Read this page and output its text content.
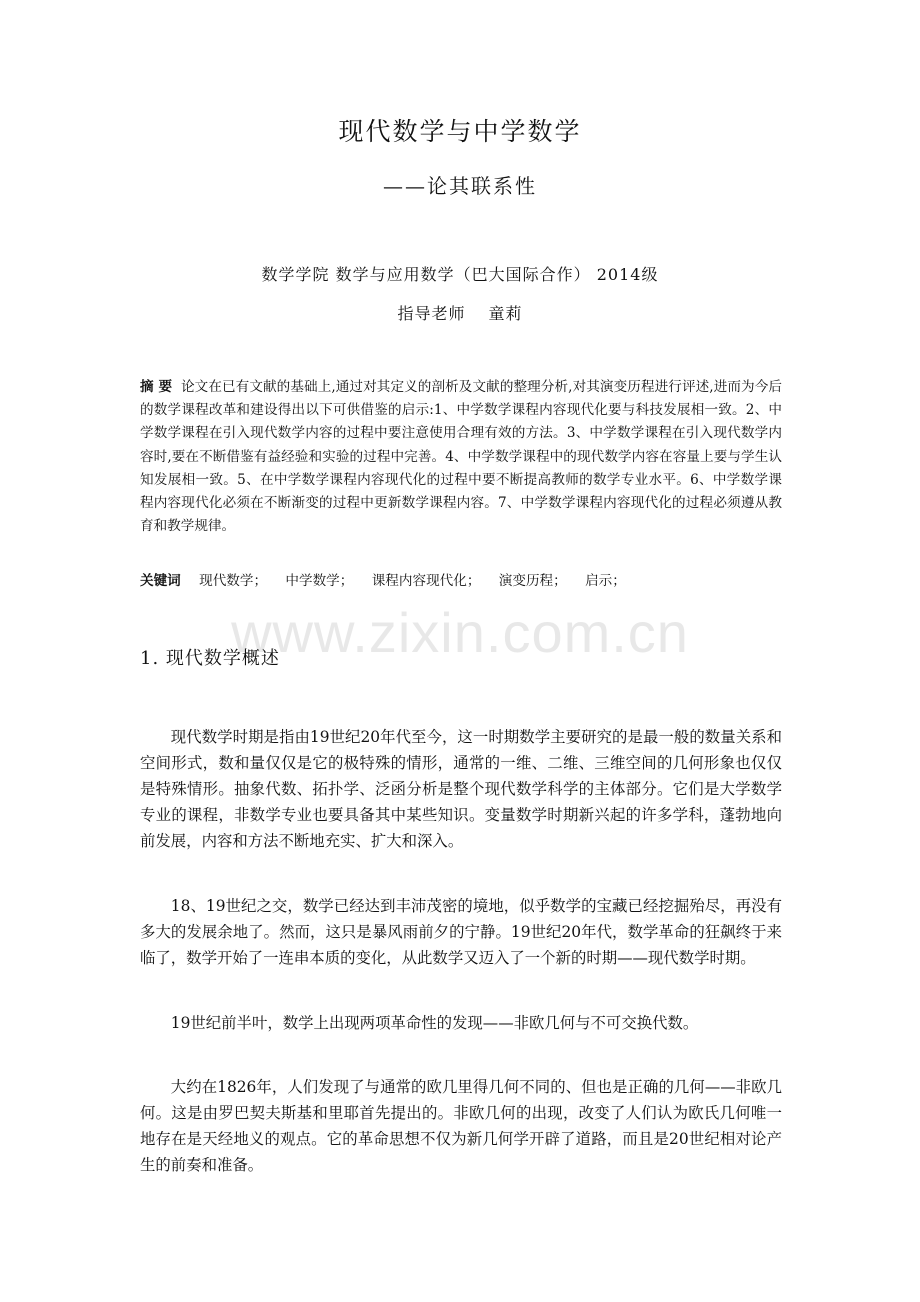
现代数学与中学数学
——论其联系性
数学学院 数学与应用数学（巴大国际合作） 2014级
指导老师　 童莉
摘 要 论文在已有文献的基础上,通过对其定义的剖析及文献的整理分析,对其演变历程进行评述,进而为今后的数学课程改革和建设得出以下可供借鉴的启示:1、中学数学课程内容现代化要与科技发展相一致。2、中学数学课程在引入现代数学内容的过程中要注意使用合理有效的方法。3、中学数学课程在引入现代数学内容时,要在不断借鉴有益经验和实验的过程中完善。4、中学数学课程中的现代数学内容在容量上要与学生认知发展相一致。5、在中学数学课程内容现代化的过程中要不断提高教师的数学专业水平。6、中学数学课程内容现代化必须在不断渐变的过程中更新数学课程内容。7、中学数学课程内容现代化的过程必须遵从教育和教学规律。
关键词 现代数学； 中学数学； 课程内容现代化； 演变历程； 启示；
www.zixin.com.cn
1. 现代数学概述

现代数学时期是指由19世纪20年代至今，这一时期数学主要研究的是最一般的数量关系和空间形式，数和量仅仅是它的极特殊的情形，通常的一维、二维、三维空间的几何形象也仅仅是特殊情形。抽象代数、拓扑学、泛函分析是整个现代数学科学的主体部分。它们是大学数学专业的课程，非数学专业也要具备其中某些知识。变量数学时期新兴起的许多学科，蓬勃地向前发展，内容和方法不断地充实、扩大和深入。

18、19世纪之交，数学已经达到丰沛茂密的境地，似乎数学的宝藏已经挖掘殆尽，再没有多大的发展余地了。然而，这只是暴风雨前夕的宁静。19世纪20年代，数学革命的狂飙终于来临了，数学开始了一连串本质的变化，从此数学又迈入了一个新的时期——现代数学时期。

19世纪前半叶，数学上出现两项革命性的发现——非欧几何与不可交换代数。

大约在1826年，人们发现了与通常的欧几里得几何不同的、但也是正确的几何——非欧几何。这是由罗巴契夫斯基和里耶首先提出的。非欧几何的出现，改变了人们认为欧氏几何唯一地存在是天经地义的观点。它的革命思想不仅为新几何学开辟了道路，而且是20世纪相对论产生的前奏和准备。
